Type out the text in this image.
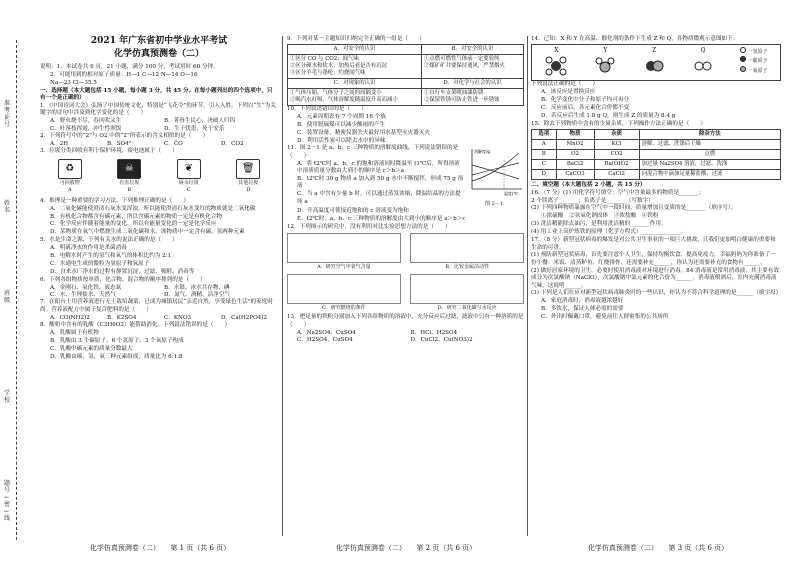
准考证号
姓名
班级
学校
题号 ← 密 ← 线
2021 年广东省初中学业水平考试
化学仿真预测卷（二）

说明：1．本试卷共 6 页，21 小题，满分 100 分，考试用时 60 分钟。

2．可能用到的相对原子质量：H—1 C—12 N—14 O—16

Na—23 Cl—35.5

一、选择题（本大题包括 15 小题，每小题 3 分，共 45 分。在每小题列出的四个选项中，只有一个是正确的）

1．《中国诗词大会》弘扬了中国传统文化，特别是“飞花令”的环节，引人入胜。下列以“生”为关键字的诗句中涉及到化学变化的是（　　）

A．野火烧不尽，春风吹又生	B．菁眷生民心，决破人归钨
C．叶落枝挥霞，冲生性照饭	D．生于忧患，死于安乐

2．下列符号中的“2”与 O2 中的“2”所表示的含义相似的是（　　）

A．2H	B．SO4²⁻	C．C̄O	D．CO2

3．垃圾分类回收有利于保护环境，废电池属于（　　）

♻
可回收物
A
☠
有害垃圾
B
❦
厨余垃圾
C
🗑
其他垃圾
D

4．推理是一种重要的学习方法，下列推理正确的是（　　）

A．二氧化碳能使澄清石灰水变浑浊，所以能使澄清石灰水变红的物质就是二氧化碳

B．有机化合物都含有碳元素，所以含碳元素的物质一定是有机化合物

C．化学反应伴随着能量的变化，所以有能量变化的一定是化学反应

D．某物质在氧气中燃烧生成二氧化碳和水，该物质中一定含有碳、氢两种元素

5．水是生命之源，下列有关水的说法正确的是（　　）

A．明矾净水的作用是杀菌消毒

B．电解水时产生的氢气和氧气的体积比约为 2:1

C．水通电生成的微粒为氢原子和氧原子

D．自来水厂净水的过程有静置沉淀、过滤、吸附、消毒等

6．下列各组物质按单质、化合物、混合物的顺序排列的是（　　）

A．金刚石、氧化铁、液态氮	B．水银、冰水共存物、碘
C．水、生理盐水、天然气	D．氮气、酒精、洁净空气

7．在阳台上用营养液进行无土栽培蔬菜，已成为城镇居民“亲近自然，享受绿色生活”的家庭时尚。营养液配方中属于复合肥料的是（　　）

A．CO(NH2)2	B．K2SO4	C．KNO3	D．Ca(H2PO4)2

8．酸奶中含有的乳酸（C3H6O3）能帮助消化。下列说法错误的是（　　）

A．乳酸属于有机物

B．乳酸由 3 个碳原子、6 个氢原子、3 个氧原子构成

C．乳酸中碳元素的质量分数最大

D．乳酸由碳、氢、氧三种元素组成，质量比为 6:1:8

化学仿真预测卷（二）　　第 1 页（共 6 页）

9．下列对某一主题知识归纳完全正确的一组是（　　）

A．对安全的认识	B．对安全的认识
①区分 CO 与 CO2：闻气味
②区分硬水和软水：加热后看是否有沉淀
③区分羊毛与涤纶：灼烧闻气味	①点燃可燃性气体前一定要验纯
②煤矿矿井要保持通风，严禁烟火
C．对现象的认识	D．对化学与社会的认识
①气体压缩，气体分子之间的间隔变小
②喝汽水打嗝，气体溶解度随温度升高而减小	①自行车支架喷油漆防锈
②保留铁锈可防止铁进一步锈蚀

10．下列叙述错误的是（　　）

A．元素周期表有 7 个周期 16 个族

B．使用脱硫煤可以减少酸雨的产生

C．装置设备，精密仪器失火最好用水基型灭火器灭火

D．利用活性炭可以除去水中的异味

11．图 2－1 是 a、b、c 三种物质的溶解度曲线，下列说法错误的是（　　）

A．将 t2℃时 a、b、c 的饱和溶液同时降温至 t1℃后，所得溶液中溶质质量分数由大到小的顺序是 c＞b＞a

B．t2℃时 30 g 物质 a 加入到 50 g 水中不断搅拌，形成 75 g 溶液

C．当 a 中含有少量 b 时，可以通过蒸发浓缩、降温结晶的方法提纯 a

溶解度/g
温度/℃
图 2－1

D．升高温度可使接近饱和的 c 溶液变为饱和

E．t2℃时，a、b、c 三种物质的溶解度由大到小的顺序是 a＞b＞c

12．下列图示的研究中，没有利用对比实验思想方法的是（　　）

A．研究空气中氧气含量	B．比较金属活动性
C．研究燃烧的条件	D．研究二氧化碳与水反应

13．把足量的铁粉分别加入下列各组物质的溶液中，充分反应后过滤，滤液中只有一种溶质的是（　　）

A．Na2SO4、CuSO4	B．HCl、H2SO4
C．H2SO4、CuSO4	D．CuCl2、Cu(NO3)2
化学仿真预测卷（二）　　第 2 页（共 6 页）

14．已知：X 和 Y 在高温、催化剂的条件下生成 Z 和 Q，各物质微观示意图如下：

X	Y	Z	Q	一氢原子
一碳原子
一氧原子

下列说法正确的是（　　）

A．该反应是置换反应

B．化学变化中分子和原子均可再分

C．反应前后，各元素化合价都不变

D．若反应后生成 1.8 g Q，则生成 Z 的质量为 8.4 g

15．除去下列物质中含有的少量杂质，下列操作方法正确的是（　　）

选项	物质	杂质	除杂方法
A	MnO2	KCl	溶解、过滤、洗涤后干燥
B	O2	CO2	点燃
C	BaCl2	Ba(OH)2	加过量 Na2SO4 溶液，过滤、洗涤
D	CaCO3	CaCl2	向混合物中滴加足量稀盐酸、过滤

二、填空题（本大题包括 2 小题，共 15 分）

16．（7 分）(1) 用化学符号填空：空气中含量最多的物质是_______；

2 个镁离子_______；负离子是_______（写数字）

(2) 下列四种物质暴露在空气中一段时间，质量增加且变质的是_______（填序号）。

①浓硫酸　②氢氧化钠固体　③浓盐酸　④铁粉

(3) 洗洁精能除去油污，是利用洗洁精的_______作用。

(4) 用工业上高炉炼铁的原理（化学方程式）______________。

17．（8 分）新型冠状病毒的爆发是对公共卫生事业的一项巨大挑战，让我们更加明白健康的重要和生命的可贵。

(1) 预防新型冠状病毒，首先要注意个人卫生，保持均衡饮食，提高免疫力。幸福妈妈为你准备了一份午餐：米饭、清蒸鲈鱼、红烧排骨，还需要补充______，你认为还需要补充的食物有______。

(2) 做好居家环境的卫生，必要时使用消毒液对环境进行消毒。84 消毒液是常用消毒液，其主要有效成分为次氯酸钠（NaClO），次氯酸钠中氯元素的化合价为______。消毒液喷洒后，室内充满消毒液气味，这说明______。

(3) 下列是人们在应对新型冠状病毒肺炎时的一些认识，你认为不符合科学道理的是______（填字母）

A．家庭消毒时，消毒液越浓越好

B．多饮水，保证人体必需的需要

C．外出时佩戴口罩，避免前往人群密集的公共场所

化学仿真预测卷（二）　　第 3 页（共 6 页）
